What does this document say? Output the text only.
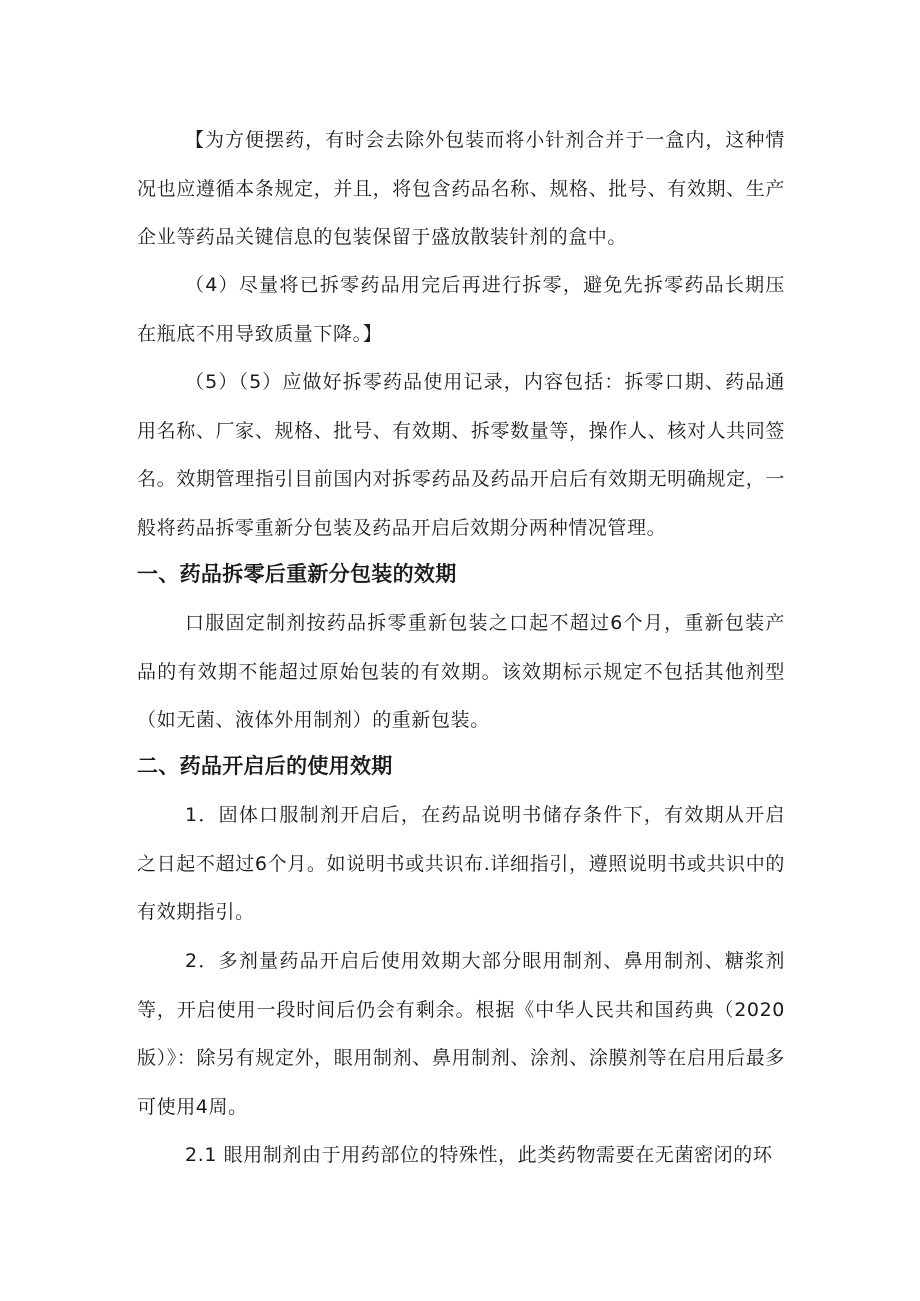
【为方便摆药，有时会去除外包装而将小针剂合并于一盒内，这种情况也应遵循本条规定，并且，将包含药品名称、规格、批号、有效期、生产企业等药品关键信息的包装保留于盛放散装针剂的盒中。

（4）尽量将已拆零药品用完后再进行拆零，避免先拆零药品长期压在瓶底不用导致质量下降。】

（5）（5）应做好拆零药品使用记录，内容包括：拆零口期、药品通用名称、厂家、规格、批号、有效期、拆零数量等，操作人、核对人共同签名。效期管理指引目前国内对拆零药品及药品开启后有效期无明确规定，一般将药品拆零重新分包装及药品开启后效期分两种情况管理。

一、药品拆零后重新分包装的效期

口服固定制剂按药品拆零重新包装之口起不超过6个月，重新包装产品的有效期不能超过原始包装的有效期。该效期标示规定不包括其他剂型（如无菌、液体外用制剂）的重新包装。

二、药品开启后的使用效期

1．固体口服制剂开启后，在药品说明书储存条件下，有效期从开启之日起不超过6个月。如说明书或共识布.详细指引，遵照说明书或共识中的有效期指引。

2．多剂量药品开启后使用效期大部分眼用制剂、鼻用制剂、糖浆剂等，开启使用一段时间后仍会有剩余。根据《中华人民共和国药典（2020版）》：除另有规定外，眼用制剂、鼻用制剂、涂剂、涂膜剂等在启用后最多可使用4周。

2.1 眼用制剂由于用药部位的特殊性，此类药物需要在无菌密闭的环
